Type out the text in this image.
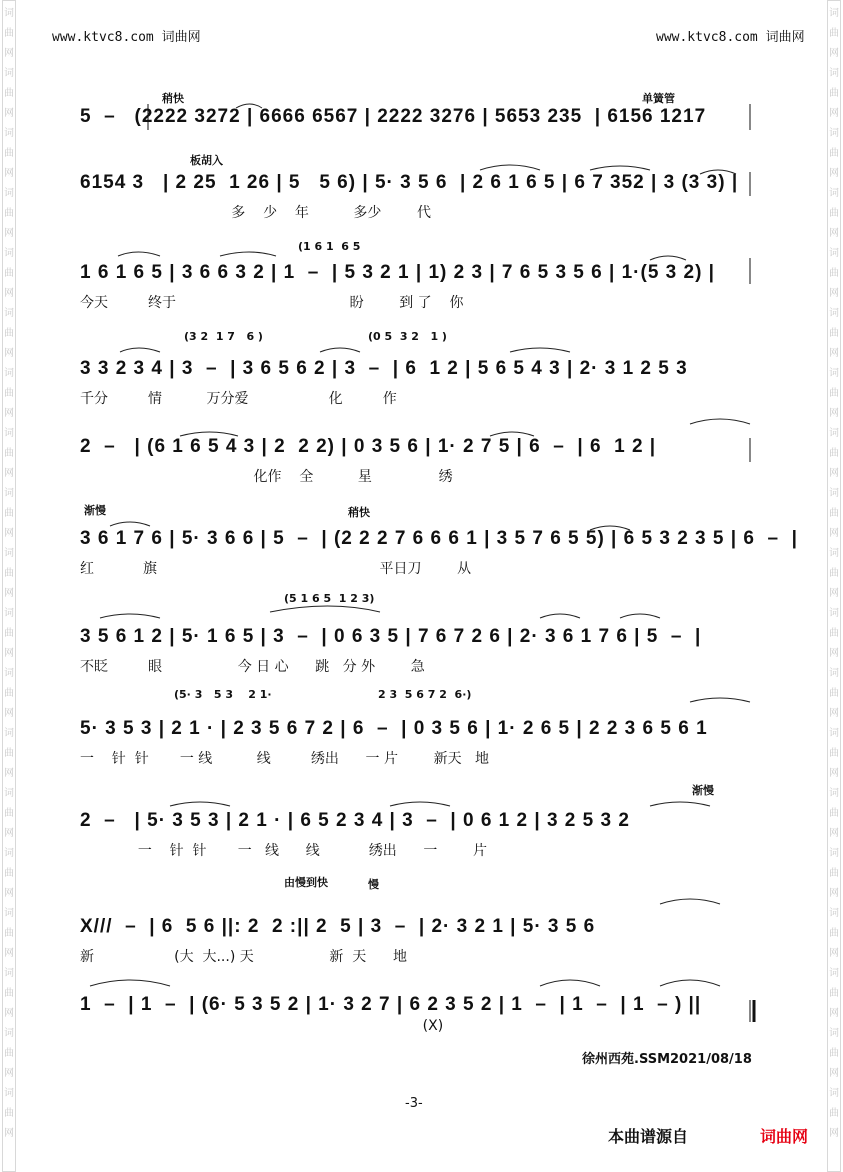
词
曲
网
词
曲
网
词
曲
网
词
曲
网
词
曲
网
词
曲
网
词
曲
网
词
曲
网
词
曲
网
词
曲
网
词
曲
网
词
曲
网
词
曲
网
词
曲
网
词
曲
网
词
曲
网
词
曲
网
词
曲
网
词
曲
网
词
曲
网
词
曲
网
词
曲
网
词
曲
网
词
曲
网
词
曲
网
词
曲
网
词
曲
网
词
曲
网
词
曲
网
词
曲
网
词
曲
网
词
曲
网
词
曲
网
词
曲
网
词
曲
网
词
曲
网
词
曲
网
词
曲
网
www.ktvc8.com 词曲网	www.ktvc8.com 词曲网
稍快	单簧管
5  –   (2222 3272 | 6666 6567 | 2222 3276 | 5653 235  | 6156 1217
板胡入
6154 3   | 2 25  1 26 | 5   5 6) | 5· 3 5 6  | 2 6 1 6 5 | 6 7 352 | 3 (3 3) |
多    少    年          多少        代
(1 6 1  6 5
1 6 1 6 5 | 3 6 6 3 2 | 1  –  | 5 3 2 1 | 1) 2 3 | 7 6 5 3 5 6 | 1·(5 3 2) |
今天         终于                                       盼        到 了    你
(3 2  1 7   6 )	(0 5  3 2   1 )
3 3 2 3 4 | 3  –  | 3 6 5 6 2 | 3  –  | 6  1 2 | 5 6 5 4 3 | 2· 3 1 2 5 3
千分         情          万分爱                  化         作
2  –   | (6 1 6 5 4 3 | 2  2 2) | 0 3 5 6 | 1· 2 7 5 | 6  –  | 6  1 2 |
化作    全          星               绣
渐慢	稍快
3 6 1 7 6 | 5· 3 6 6 | 5  –  | (2 2 2 7 6 6 6 1 | 3 5 7 6 5 5) | 6 5 3 2 3 5 | 6  –  |
红           旗                                                  平日刀        从
(5 1 6 5  1 2 3)
3 5 6 1 2 | 5· 1 6 5 | 3  –  | 0 6 3 5 | 7 6 7 2 6 | 2· 3 6 1 7 6 | 5  –  |
不眨         眼                 今 日 心      跳   分 外        急
(5· 3   5 3    2 1·	2 3  5 6 7 2  6·)
5· 3 5 3 | 2 1 · | 2 3 5 6 7 2 | 6  –  | 0 3 5 6 | 1· 2 6 5 | 2 2 3 6 5 6 1
一    针  针       一 线          线         绣出      一 片        新天   地
渐慢
2  –   | 5· 3 5 3 | 2 1 · | 6 5 2 3 4 | 3  –  | 0 6 1 2 | 3 2 5 3 2
一    针  针       一   线      线           绣出      一        片
由慢到快	慢
X///  –  | 6  5 6 ||: 2  2 :|| 2  5 | 3  –  | 2· 3 2 1 | 5· 3 5 6
新                  (大  大...) 天                 新  天      地
1  –  | 1  –  | (6· 5 3 5 2 | 1· 3 2 7 | 6 2 3 5 2 | 1  –  | 1  –  | 1  – ) ||
(X)
徐州西苑.SSM2021/08/18
-3-
本曲谱源自	词曲网
